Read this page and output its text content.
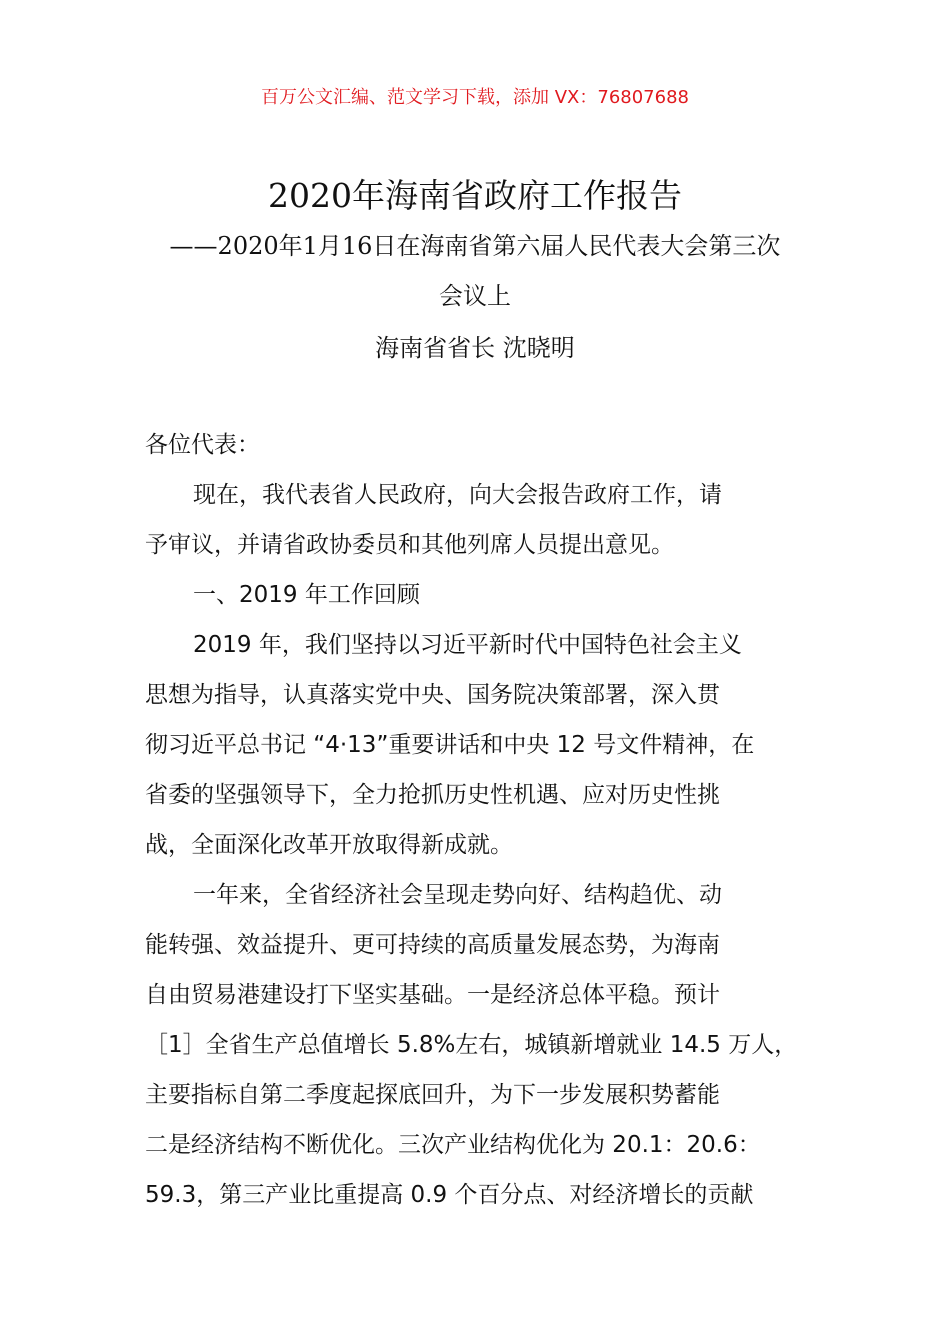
百万公文汇编、范文学习下载，添加 VX：76807688
2020年海南省政府工作报告
——2020年1月16日在海南省第六届人民代表大会第三次
会议上
海南省省长 沈晓明
各位代表：
现在，我代表省人民政府，向大会报告政府工作，请
予审议，并请省政协委员和其他列席人员提出意见。
一、2019 年工作回顾
2019 年，我们坚持以习近平新时代中国特色社会主义
思想为指导，认真落实党中央、国务院决策部署，深入贯
彻习近平总书记 “4·13”重要讲话和中央 12 号文件精神，在
省委的坚强领导下，全力抢抓历史性机遇、应对历史性挑
战，全面深化改革开放取得新成就。
一年来，全省经济社会呈现走势向好、结构趋优、动
能转强、效益提升、更可持续的高质量发展态势，为海南
自由贸易港建设打下坚实基础。一是经济总体平稳。预计
［1］全省生产总值增长 5.8%左右，城镇新增就业 14.5 万人，
主要指标自第二季度起探底回升，为下一步发展积势蓄能
二是经济结构不断优化。三次产业结构优化为 20.1：20.6：
59.3，第三产业比重提高 0.9 个百分点、对经济增长的贡献
